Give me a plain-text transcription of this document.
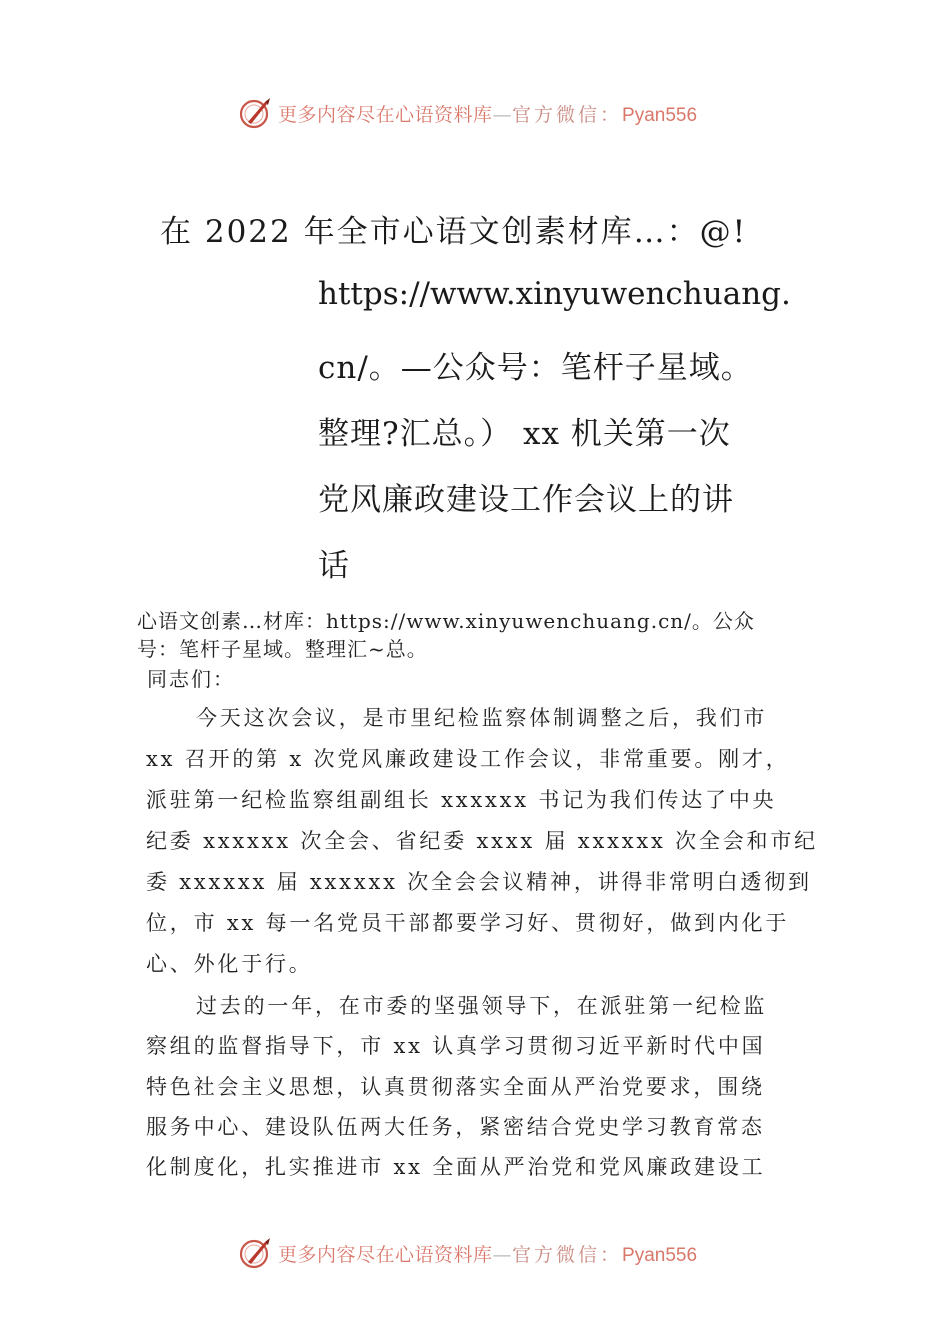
更多内容尽在心语资料库—官方微信：Pyan556
在 2022 年全市心语文创素材库…：@!
https://www.xinyuwenchuang.
cn/。—公众号：笔杆子星域。
整理?汇总。） xx 机关第一次
党风廉政建设工作会议上的讲
话
心语文创素…材库：https://www.xinyuwenchuang.cn/。公众
号：笔杆子星域。整理汇~总。
同志们：
今天这次会议，是市里纪检监察体制调整之后，我们市
xx 召开的第 x 次党风廉政建设工作会议，非常重要。刚才，
派驻第一纪检监察组副组长 xxxxxx 书记为我们传达了中央
纪委 xxxxxx 次全会、省纪委 xxxx 届 xxxxxx 次全会和市纪
委 xxxxxx 届 xxxxxx 次全会会议精神，讲得非常明白透彻到
位，市 xx 每一名党员干部都要学习好、贯彻好，做到内化于
心、外化于行。
过去的一年，在市委的坚强领导下，在派驻第一纪检监
察组的监督指导下，市 xx 认真学习贯彻习近平新时代中国
特色社会主义思想，认真贯彻落实全面从严治党要求，围绕
服务中心、建设队伍两大任务，紧密结合党史学习教育常态
化制度化，扎实推进市 xx 全面从严治党和党风廉政建设工
更多内容尽在心语资料库—官方微信：Pyan556
